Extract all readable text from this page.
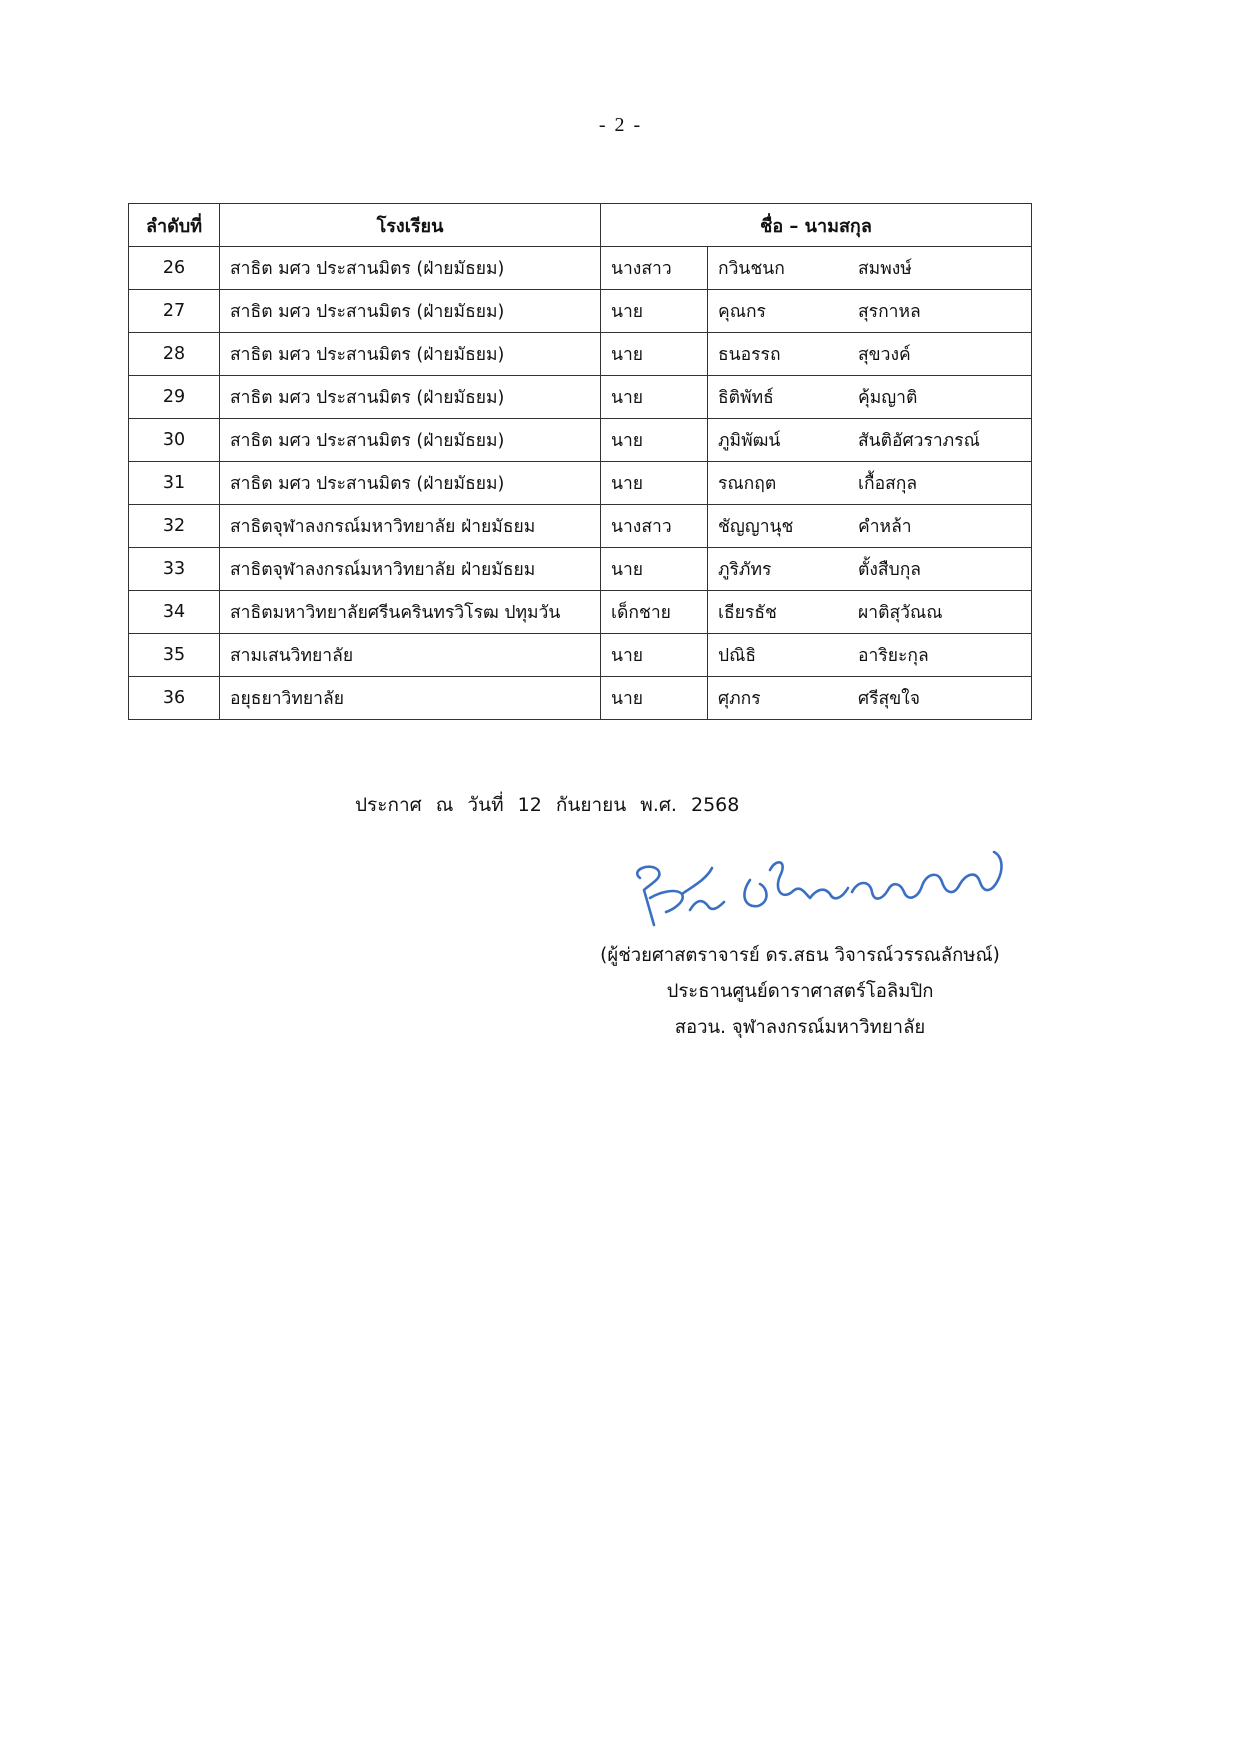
- 2 -
ลำดับที่	โรงเรียน	ชื่อ – นามสกุล
26	สาธิต มศว ประสานมิตร (ฝ่ายมัธยม)	นางสาว กวินชนก สมพงษ์

27	สาธิต มศว ประสานมิตร (ฝ่ายมัธยม)	นาย คุณกร สุรกาหล

28	สาธิต มศว ประสานมิตร (ฝ่ายมัธยม)	นาย ธนอรรถ สุขวงค์

29	สาธิต มศว ประสานมิตร (ฝ่ายมัธยม)	นาย ธิติพัทธ์ คุ้มญาติ

30	สาธิต มศว ประสานมิตร (ฝ่ายมัธยม)	นาย ภูมิพัฒน์ สันติอัศวราภรณ์

31	สาธิต มศว ประสานมิตร (ฝ่ายมัธยม)	นาย รณกฤต เกื้อสกุล

32	สาธิตจุฬาลงกรณ์มหาวิทยาลัย ฝ่ายมัธยม	นางสาว ชัญญานุช คำหล้า

33	สาธิตจุฬาลงกรณ์มหาวิทยาลัย ฝ่ายมัธยม	นาย ภูริภัทร ตั้งสืบกุล

34	สาธิตมหาวิทยาลัยศรีนครินทรวิโรฒ ปทุมวัน	เด็กชาย เธียรธัช ผาติสุวัณณ

35	สามเสนวิทยาลัย	นาย ปณิธิ อาริยะกุล

36	อยุธยาวิทยาลัย	นาย ศุภกร ศรีสุขใจ
ประกาศ ณ วันที่ 12 กันยายน พ.ศ. 2568
(ผู้ช่วยศาสตราจารย์ ดร.สธน วิจารณ์วรรณลักษณ์)
ประธานศูนย์ดาราศาสตร์โอลิมปิก
สอวน. จุฬาลงกรณ์มหาวิทยาลัย
